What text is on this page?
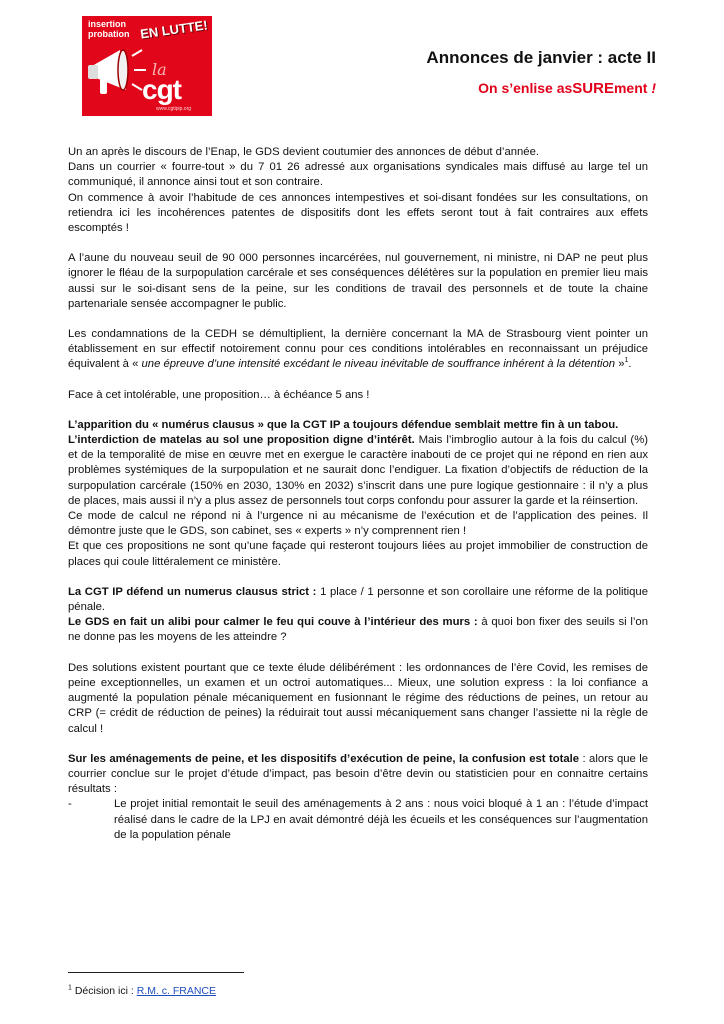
insertion
probation EN LUTTE!
la
cgt
www.cgtipip.org
Annonces de janvier : acte II
On s’enlise asSUREment !

Un an après le discours de l’Enap, le GDS devient coutumier des annonces de début d’année.

Dans un courrier « fourre-tout » du 7 01 26 adressé aux organisations syndicales mais diffusé au large tel un communiqué, il annonce ainsi tout et son contraire.

On commence à avoir l’habitude de ces annonces intempestives et soi-disant fondées sur les consultations, on retiendra ici les incohérences patentes de dispositifs dont les effets seront tout à fait contraires aux effets escomptés !

A l’aune du nouveau seuil de 90 000 personnes incarcérées, nul gouvernement, ni ministre, ni DAP ne peut plus ignorer le fléau de la surpopulation carcérale et ses conséquences délétères sur la population en premier lieu mais aussi sur le soi-disant sens de la peine, sur les conditions de travail des personnels et de toute la chaine partenariale sensée accompagner le public.

Les condamnations de la CEDH se démultiplient, la dernière concernant la MA de Strasbourg vient pointer un établissement en sur effectif notoirement connu pour ces conditions intolérables en reconnaissant un préjudice équivalent à « une épreuve d’une intensité excédant le niveau inévitable de souffrance inhérent à la détention »$^1$.

Face à cet intolérable, une proposition… à échéance 5 ans !

L’apparition du « numérus clausus » que la CGT IP a toujours défendue semblait mettre fin à un tabou.

L’interdiction de matelas au sol une proposition digne d’intérêt. Mais l’imbroglio autour à la fois du calcul (%) et de la temporalité de mise en œuvre met en exergue le caractère inabouti de ce projet qui ne répond en rien aux problèmes systémiques de la surpopulation et ne saurait donc l’endiguer. La fixation d’objectifs de réduction de la surpopulation carcérale (150% en 2030, 130% en 2032) s’inscrit dans une pure logique gestionnaire : il n’y a plus de places, mais aussi il n’y a plus assez de personnels tout corps confondu pour assurer la garde et la réinsertion.

Ce mode de calcul ne répond ni à l’urgence ni au mécanisme de l’exécution et de l’application des peines. Il démontre juste que le GDS, son cabinet, ses « experts » n’y comprennent rien !

Et que ces propositions ne sont qu’une façade qui resteront toujours liées au projet immobilier de construction de places qui coule littéralement ce ministère.

La CGT IP défend un numerus clausus strict : 1 place / 1 personne et son corollaire une réforme de la politique pénale.

Le GDS en fait un alibi pour calmer le feu qui couve à l’intérieur des murs : à quoi bon fixer des seuils si l’on ne donne pas les moyens de les atteindre ?

Des solutions existent pourtant que ce texte élude délibérément : les ordonnances de l’ère Covid, les remises de peine exceptionnelles, un examen et un octroi automatiques... Mieux, une solution express : la loi confiance a augmenté la population pénale mécaniquement en fusionnant le régime des réductions de peines, un retour au CRP (= crédit de réduction de peines) la réduirait tout aussi mécaniquement sans changer l’assiette ni la règle de calcul !

Sur les aménagements de peine, et les dispositifs d’exécution de peine, la confusion est totale : alors que le courrier conclue sur le projet d’étude d’impact, pas besoin d’être devin ou statisticien pour en connaitre certains résultats :

-	Le projet initial remontait le seuil des aménagements à 2 ans : nous voici bloqué à 1 an : l’étude d’impact réalisé dans le cadre de la LPJ en avait démontré déjà les écueils et les conséquences sur l’augmentation de la population pénale
$^1$ Décision ici : R.M. c. FRANCE
